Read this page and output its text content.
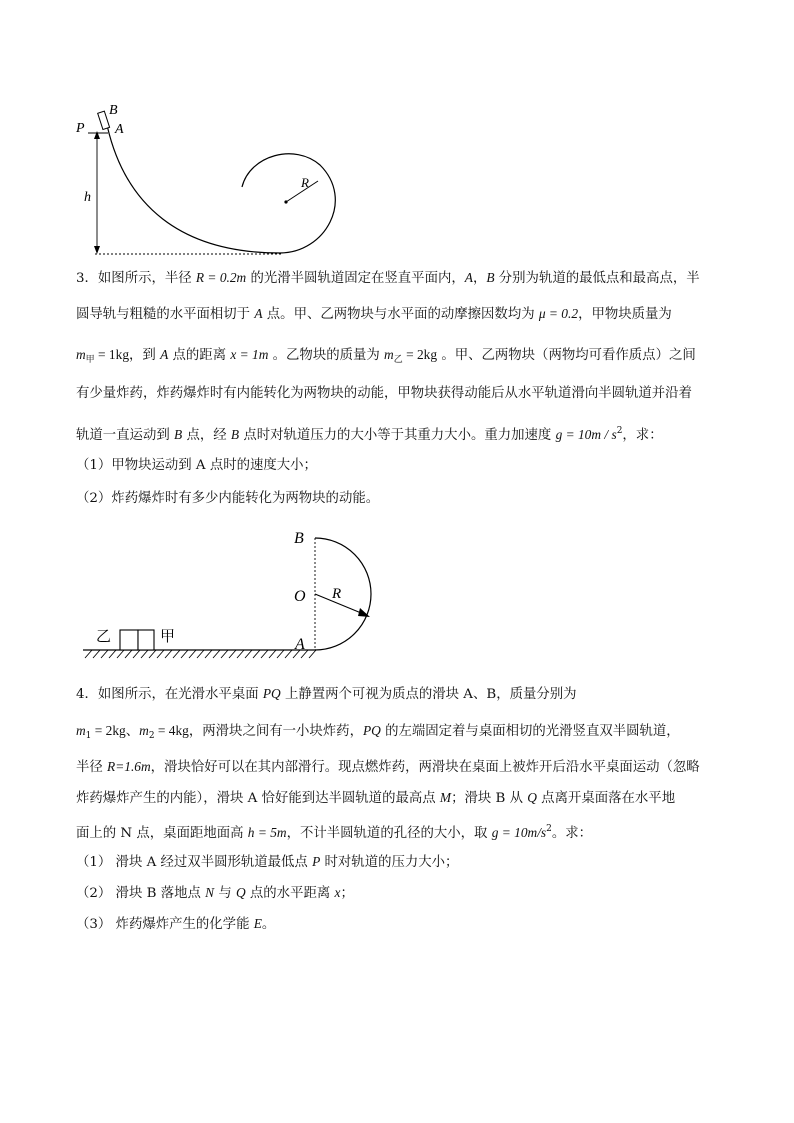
B
P A
h
R
3．如图所示，半径 R = 0.2m 的光滑半圆轨道固定在竖直平面内，A，B 分别为轨道的最低点和最高点，半
圆导轨与粗糙的水平面相切于 A 点。甲、乙两物块与水平面的动摩擦因数均为 μ = 0.2，甲物块质量为
$m_甲 = 1kg$，到 A 点的距离 x = 1m 。乙物块的质量为 $m_乙 = 2kg$ 。甲、乙两物块（两物均可看作质点）之间
有少量炸药，炸药爆炸时有内能转化为两物块的动能，甲物块获得动能后从水平轨道滑向半圆轨道并沿着
轨道一直运动到 B 点，经 B 点时对轨道压力的大小等于其重力大小。重力加速度 $g = 10m / s^2$，求：
（1）甲物块运动到 A 点时的速度大小；
（2）炸药爆炸时有多少内能转化为两物块的动能。
B
O R
A
乙	甲
4．如图所示，在光滑水平桌面 PQ 上静置两个可视为质点的滑块 A、B，质量分别为
$m_1 = 2kg$、$m_2 = 4kg$，两滑块之间有一小块炸药，PQ 的左端固定着与桌面相切的光滑竖直双半圆轨道，
半径 R=1.6m，滑块恰好可以在其内部滑行。现点燃炸药，两滑块在桌面上被炸开后沿水平桌面运动（忽略
炸药爆炸产生的内能），滑块 A 恰好能到达半圆轨道的最高点 M；滑块 B 从 Q 点离开桌面落在水平地
面上的 N 点，桌面距地面高 h = 5m，不计半圆轨道的孔径的大小，取 $g = 10m/s^2$。求：
（1） 滑块 A 经过双半圆形轨道最低点 P 时对轨道的压力大小；
（2） 滑块 B 落地点 N 与 Q 点的水平距离 x；
（3） 炸药爆炸产生的化学能 E。
